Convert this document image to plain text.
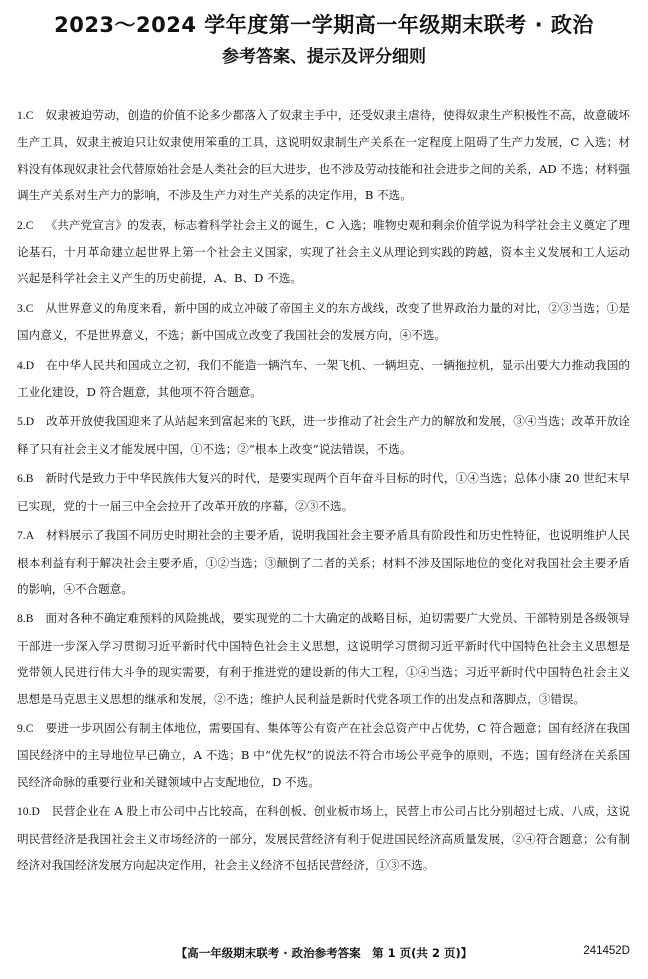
2023～2024 学年度第一学期高一年级期末联考 · 政治
参考答案、提示及评分细则

1.C 奴隶被迫劳动，创造的价值不论多少都落入了奴隶主手中，还受奴隶主虐待，使得奴隶生产积极性不高，故意破坏生产工具，奴隶主被迫只让奴隶使用笨重的工具，这说明奴隶制生产关系在一定程度上阻碍了生产力发展，C 入选；材料没有体现奴隶社会代替原始社会是人类社会的巨大进步，也不涉及劳动技能和社会进步之间的关系，AD 不选；材料强调生产关系对生产力的影响，不涉及生产力对生产关系的决定作用，B 不选。

2.C 《共产党宣言》的发表，标志着科学社会主义的诞生，C 入选；唯物史观和剩余价值学说为科学社会主义奠定了理论基石，十月革命建立起世界上第一个社会主义国家，实现了社会主义从理论到实践的跨越，资本主义发展和工人运动兴起是科学社会主义产生的历史前提，A、B、D 不选。

3.C 从世界意义的角度来看，新中国的成立冲破了帝国主义的东方战线，改变了世界政治力量的对比，②③当选；①是国内意义，不是世界意义，不选；新中国成立改变了我国社会的发展方向，④不选。

4.D 在中华人民共和国成立之初，我们不能造一辆汽车、一架飞机、一辆坦克、一辆拖拉机，显示出要大力推动我国的工业化建设，D 符合题意，其他项不符合题意。

5.D 改革开放使我国迎来了从站起来到富起来的飞跃，进一步推动了社会生产力的解放和发展，③④当选；改革开放诠释了只有社会主义才能发展中国，①不选；②“根本上改变”说法错误，不选。

6.B 新时代是致力于中华民族伟大复兴的时代，是要实现两个百年奋斗目标的时代，①④当选；总体小康 20 世纪末早已实现，党的十一届三中全会拉开了改革开放的序幕，②③不选。

7.A 材料展示了我国不同历史时期社会的主要矛盾，说明我国社会主要矛盾具有阶段性和历史性特征，也说明维护人民根本利益有利于解决社会主要矛盾，①②当选；③颠倒了二者的关系；材料不涉及国际地位的变化对我国社会主要矛盾的影响，④不合题意。

8.B 面对各种不确定难预料的风险挑战，要实现党的二十大确定的战略目标，迫切需要广大党员、干部特别是各级领导干部进一步深入学习贯彻习近平新时代中国特色社会主义思想，这说明学习贯彻习近平新时代中国特色社会主义思想是党带领人民进行伟大斗争的现实需要，有利于推进党的建设新的伟大工程，①④当选；习近平新时代中国特色社会主义思想是马克思主义思想的继承和发展，②不选；维护人民利益是新时代党各项工作的出发点和落脚点，③错误。

9.C 要进一步巩固公有制主体地位，需要国有、集体等公有资产在社会总资产中占优势，C 符合题意；国有经济在我国国民经济中的主导地位早已确立，A 不选；B 中“优先权”的说法不符合市场公平竞争的原则，不选；国有经济在关系国民经济命脉的重要行业和关键领域中占支配地位，D 不选。

10.D 民营企业在 A 股上市公司中占比较高，在科创板、创业板市场上，民营上市公司占比分别超过七成、八成，这说明民营经济是我国社会主义市场经济的一部分，发展民营经济有利于促进国民经济高质量发展，②④符合题意；公有制经济对我国经济发展方向起决定作用，社会主义经济不包括民营经济，①③不选。

【高一年级期末联考 · 政治参考答案　第 1 页(共 2 页)】	241452D
